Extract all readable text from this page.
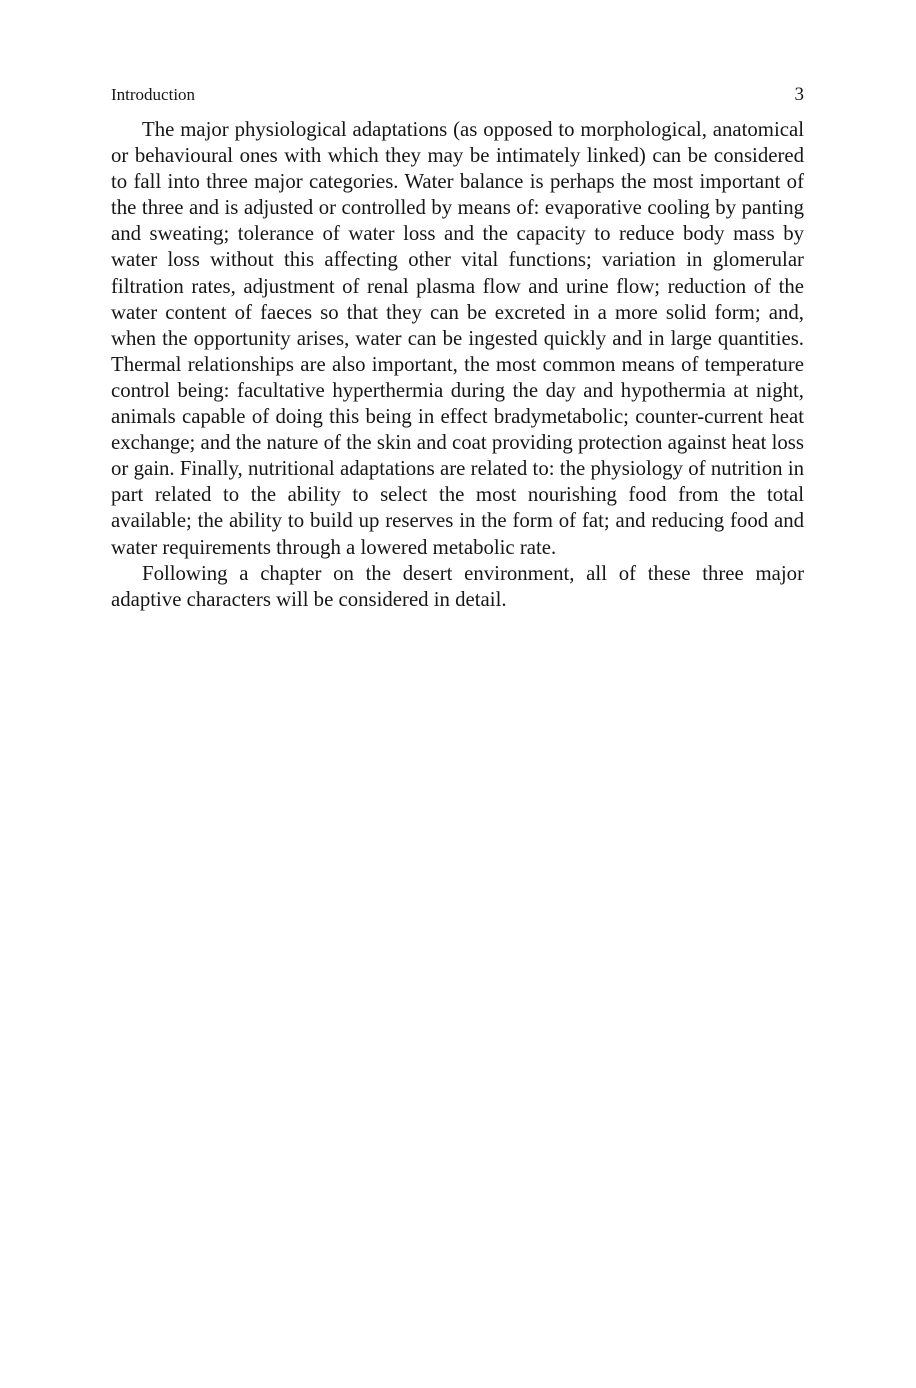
Introduction	3

The major physiological adaptations (as opposed to morphological, anatomical or behavioural ones with which they may be intimately linked) can be considered to fall into three major categories. Water balance is perhaps the most important of the three and is adjusted or controlled by means of: evaporative cooling by panting and sweating; tolerance of water loss and the capacity to reduce body mass by water loss without this affecting other vital functions; variation in glomerular filtration rates, adjustment of renal plasma flow and urine flow; reduction of the water content of faeces so that they can be excreted in a more solid form; and, when the opportunity arises, water can be ingested quickly and in large quantities. Thermal relationships are also important, the most common means of temperature control being: facultative hyperthermia during the day and hypothermia at night, animals capable of doing this being in effect bradymetabolic; counter-current heat exchange; and the nature of the skin and coat providing protection against heat loss or gain. Finally, nutritional adaptations are related to: the physiology of nutrition in part related to the ability to select the most nourishing food from the total available; the ability to build up reserves in the form of fat; and reducing food and water requirements through a lowered metabolic rate.

Following a chapter on the desert environment, all of these three major adaptive characters will be considered in detail.
